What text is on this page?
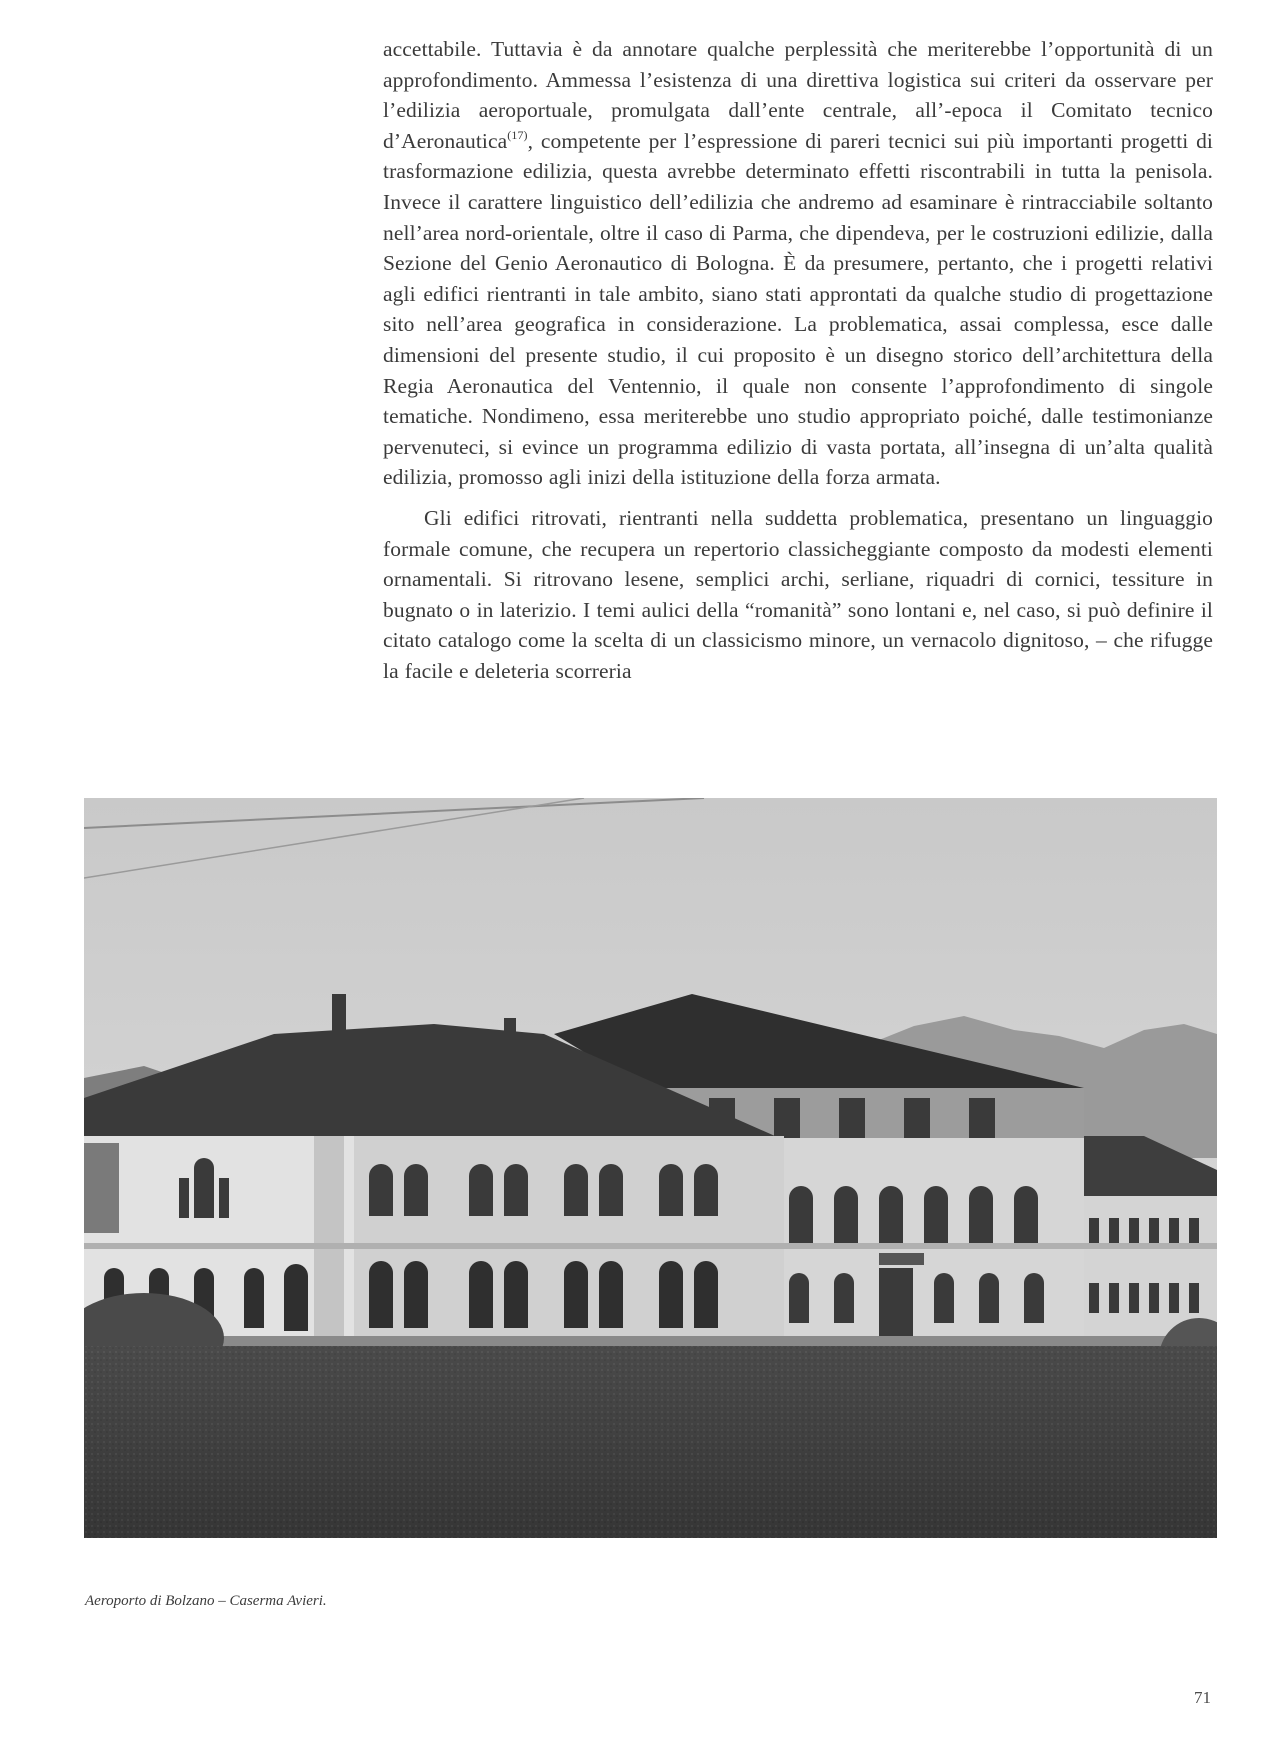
accettabile. Tuttavia è da annotare qualche perplessità che meriterebbe l’opportunità di un approfondimento. Ammessa l’esistenza di una direttiva logistica sui criteri da osservare per l’edilizia aeroportuale, promulgata dall’ente centrale, all’-epoca il Comitato tecnico d’Aeronautica$^{(17)}$, competente per l’espressione di pareri tecnici sui più importanti progetti di trasformazione edilizia, questa avrebbe determinato effetti riscontrabili in tutta la penisola. Invece il carattere linguistico dell’edilizia che andremo ad esaminare è rintracciabile soltanto nell’area nord-orientale, oltre il caso di Parma, che dipendeva, per le costruzioni edilizie, dalla Sezione del Genio Aeronautico di Bologna. È da presumere, pertanto, che i progetti relativi agli edifici rientranti in tale ambito, siano stati approntati da qualche studio di progettazione sito nell’area geografica in considerazione. La problematica, assai complessa, esce dalle dimensioni del presente studio, il cui proposito è un disegno storico dell’architettura della Regia Aeronautica del Ventennio, il quale non consente l’approfondimento di singole tematiche. Nondimeno, essa meriterebbe uno studio appropriato poiché, dalle testimonianze pervenuteci, si evince un programma edilizio di vasta portata, all’insegna di un’alta qualità edilizia, promosso agli inizi della istituzione della forza armata.

Gli edifici ritrovati, rientranti nella suddetta problematica, presentano un linguaggio formale comune, che recupera un repertorio classicheggiante composto da modesti elementi ornamentali. Si ritrovano lesene, semplici archi, serliane, riquadri di cornici, tessiture in bugnato o in laterizio. I temi aulici della “romanità” sono lontani e, nel caso, si può definire il citato catalogo come la scelta di un classicismo minore, un vernacolo dignitoso, – che rifugge la facile e deleteria scorreria

Aeroporto di Bolzano – Caserma Avieri.
71
